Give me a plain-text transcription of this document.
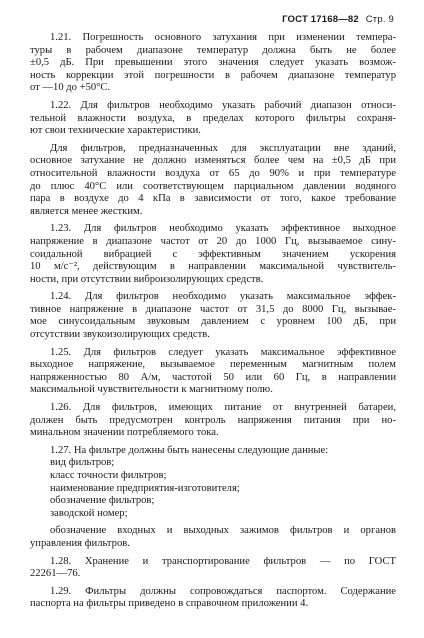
ГОСТ 17168—82 Стр. 9
1.21. Погрешность основного затухания при изменении темпера-
туры в рабочем диапазоне температур должна быть не более
±0,5 дБ. При превышении этого значения следует указать возмож-
ность коррекции этой погрешности в рабочем диапазоне температур
от —10 до +50°С.
1.22. Для фильтров необходимо указать рабочий диапазон относи-
тельной влажности воздуха, в пределах которого фильтры сохраня-
ют свои технические характеристики.
Для фильтров, предназначенных для эксплуатации вне зданий,
основное затухание не должно изменяться более чем на ±0,5 дБ при
относительной влажности воздуха от 65 до 90% и при температуре
до плюс 40°С или соответствующем парциальном давлении водяного
пара в воздухе до 4 кПа в зависимости от того, какое требование
является менее жестким.
1.23. Для фильтров необходимо указать эффективное выходное
напряжение в диапазоне частот от 20 до 1000 Гц, вызываемое сину-
соидальной вибрацией с эффективным значением ускорения
10 м/с⁻², действующим в направлении максимальной чувствитель-
ности, при отсутствии виброизолирующих средств.
1.24. Для фильтров необходимо указать максимальное эффек-
тивное напряжение в диапазоне частот от 31,5 до 8000 Гц, вызывае-
мое синусоидальным звуковым давлением с уровнем 100 дБ, при
отсутствии звукоизолирующих средств.
1.25. Для фильтров следует указать максимальное эффективное
выходное напряжение, вызываемое переменным магнитным полем
напряженностью 80 А/м, частотой 50 или 60 Гц, в направлении
максимальной чувствительности к магнитному полю.
1.26. Для фильтров, имеющих питание от внутренней батареи,
должен быть предусмотрен контроль напряжения питания при но-
минальном значении потребляемого тока.
1.27. На фильтре должны быть нанесены следующие данные:
вид фильтров;
класс точности фильтров;
наименование предприятия-изготовителя;
обозначение фильтров;
заводской номер;
обозначение входных и выходных зажимов фильтров и органов
управления фильтров.
1.28. Хранение и транспортирование фильтров — по ГОСТ
22261—76.
1.29. Фильтры должны сопровождаться паспортом. Содержание
паспорта на фильтры приведено в справочном приложении 4.
